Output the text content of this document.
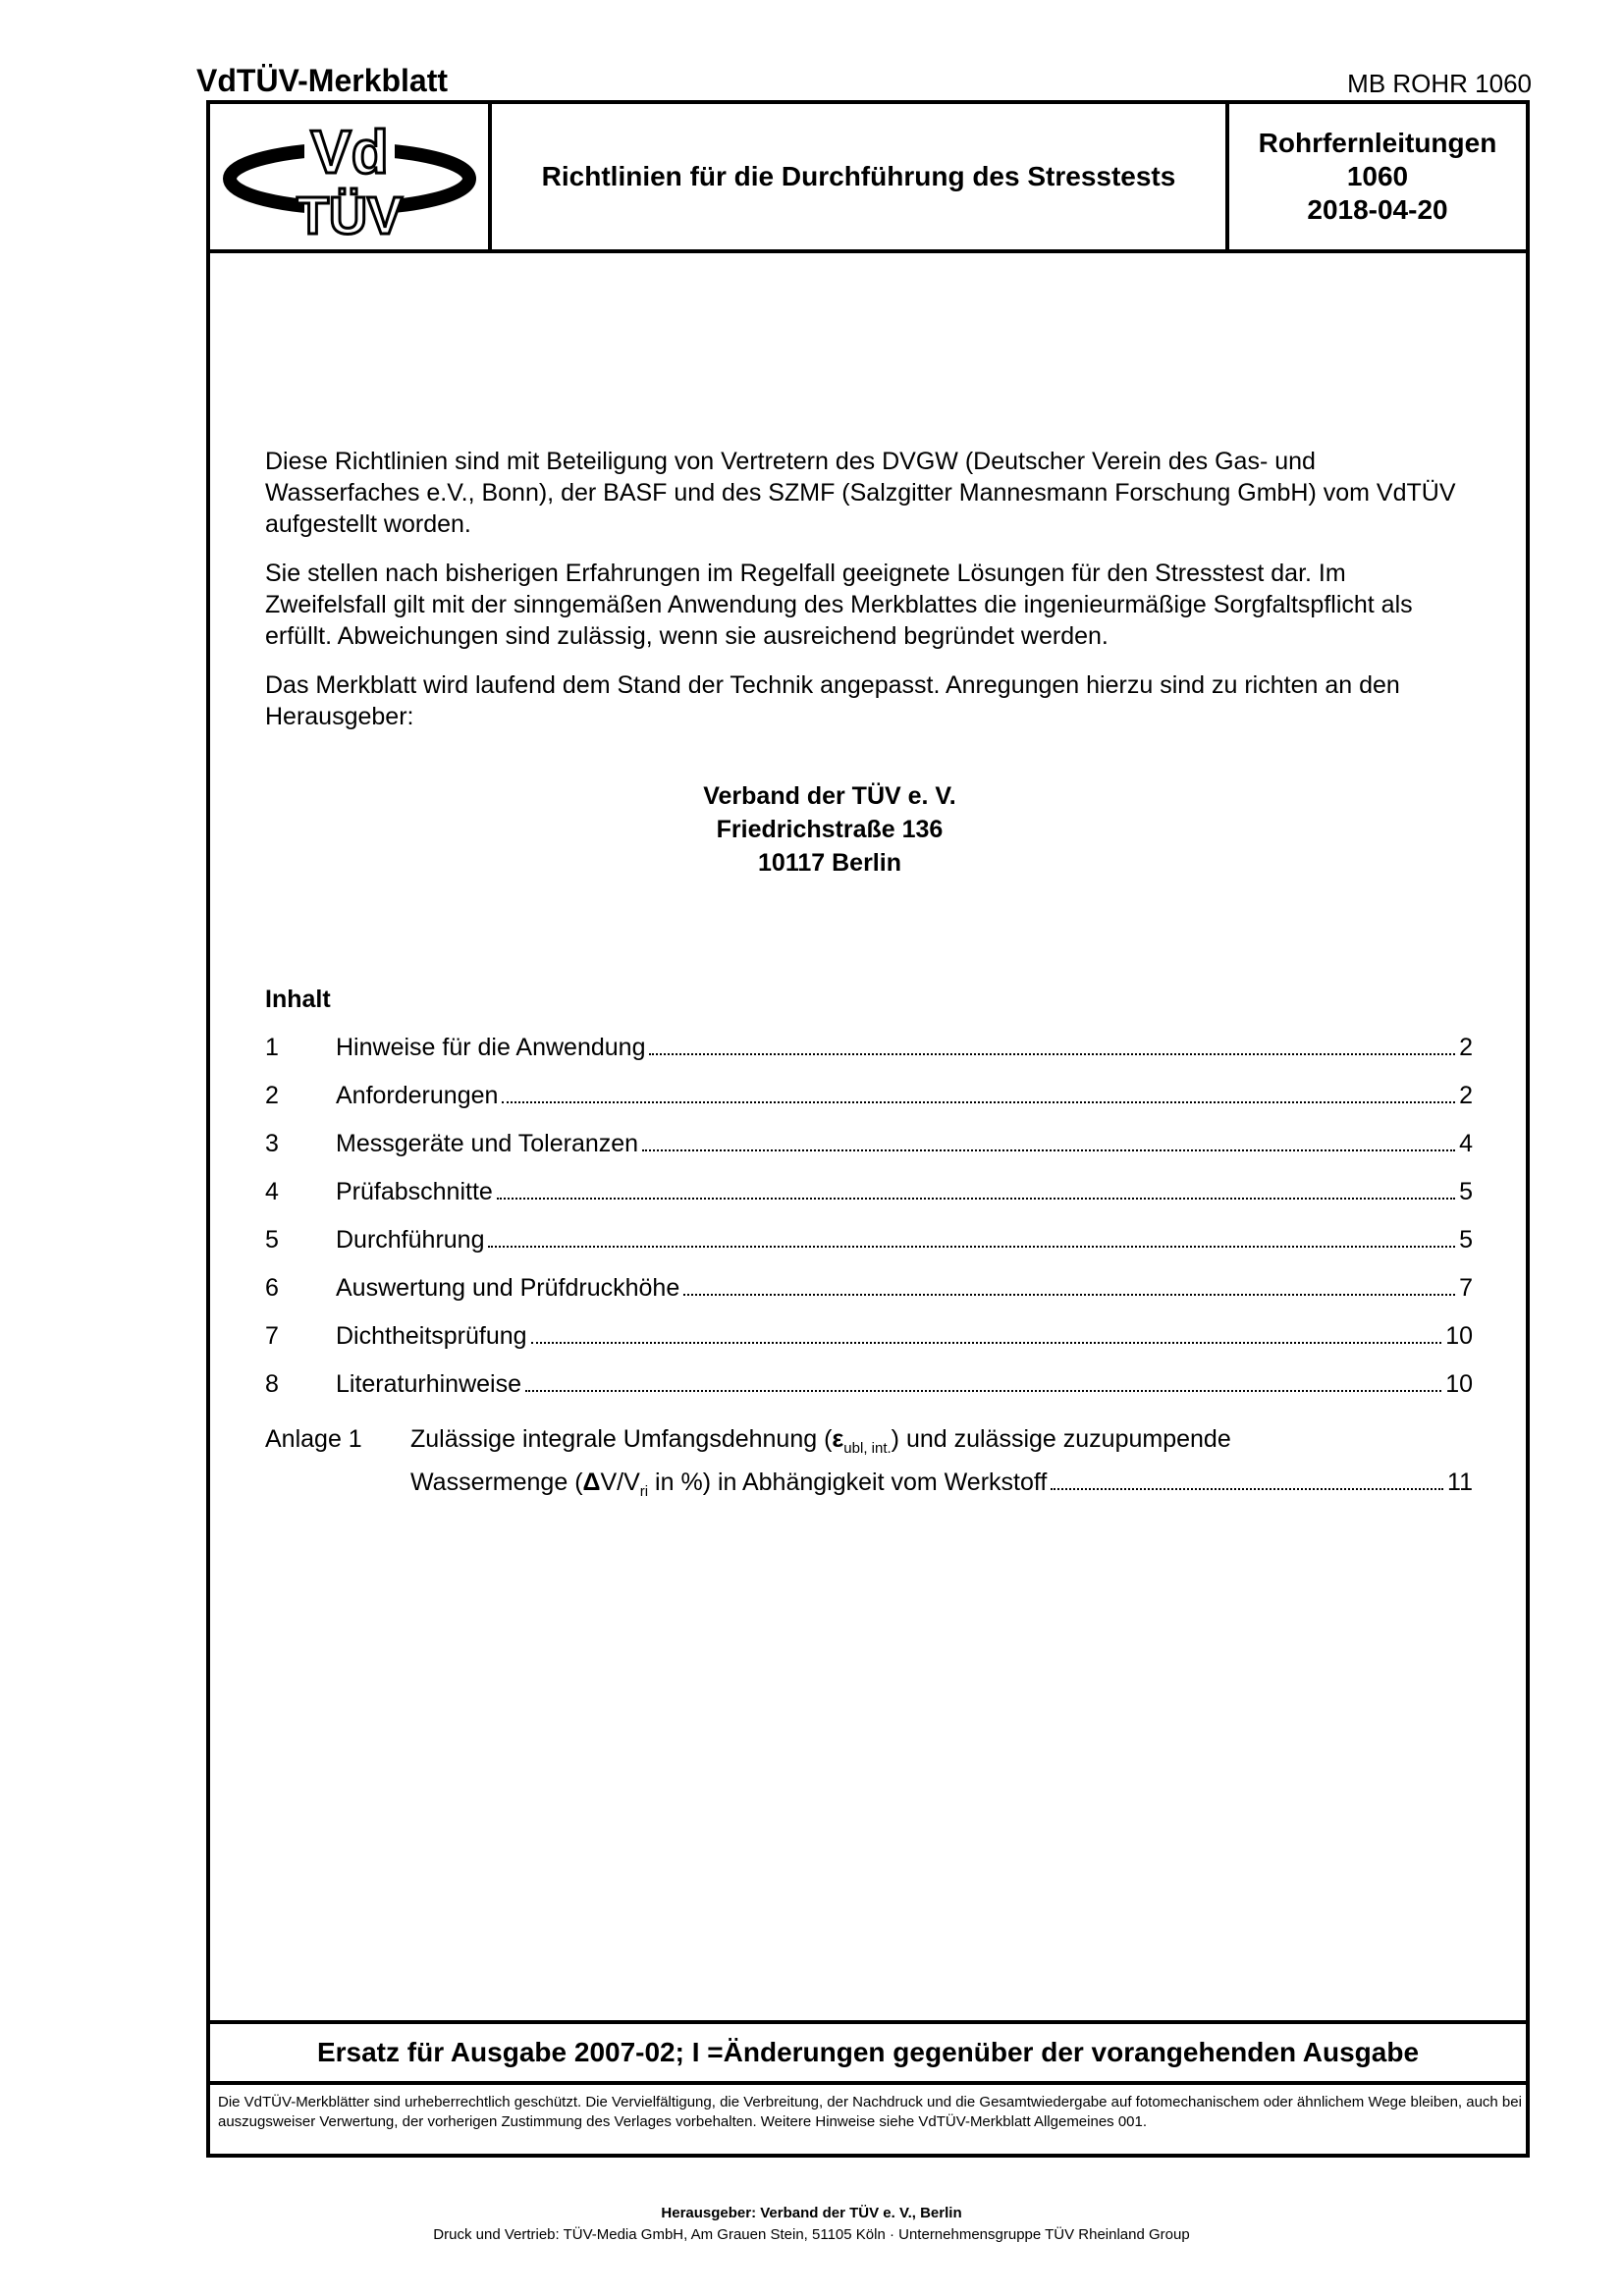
VdTÜV-Merkblatt	MB ROHR 1060
Vd
TÜV
Richtlinien für die Durchführung des Stresstests
Rohrfernleitungen
1060
2018-04-20

Diese Richtlinien sind mit Beteiligung von Vertretern des DVGW (Deutscher Verein des Gas- und Wasserfaches e.V., Bonn), der BASF und des SZMF (Salzgitter Mannesmann Forschung GmbH) vom VdTÜV aufgestellt worden.

Sie stellen nach bisherigen Erfahrungen im Regelfall geeignete Lösungen für den Stresstest dar. Im Zweifelsfall gilt mit der sinngemäßen Anwendung des Merkblattes die ingenieurmäßige Sorgfaltspflicht als erfüllt. Abweichungen sind zulässig, wenn sie ausreichend begründet werden.

Das Merkblatt wird laufend dem Stand der Technik angepasst. Anregungen hierzu sind zu richten an den Herausgeber:

Verband der TÜV e. V.
Friedrichstraße 136
10117 Berlin
Inhalt
1	Hinweise für die Anwendung	2
2	Anforderungen	2
3	Messgeräte und Toleranzen	4
4	Prüfabschnitte	5
5	Durchführung	5
6	Auswertung und Prüfdruckhöhe	7
7	Dichtheitsprüfung	10
8	Literaturhinweise	10
Anlage 1	Zulässige integrale Umfangsdehnung $(\varepsilon_{ubl, int.})$ und zulässige zuzupumpende
Wassermenge ($\Delta V/V_{ri}$ in %) in Abhängigkeit vom Werkstoff	11
Ersatz für Ausgabe 2007-02; I =Änderungen gegenüber der vorangehenden Ausgabe
Die VdTÜV-Merkblätter sind urheberrechtlich geschützt. Die Vervielfältigung, die Verbreitung, der Nachdruck und die Gesamtwiedergabe auf fotomechanischem oder ähnlichem Wege bleiben, auch bei auszugsweiser Verwertung, der vorherigen Zustimmung des Verlages vorbehalten. Weitere Hinweise siehe VdTÜV-Merkblatt Allgemeines 001.
Herausgeber: Verband der TÜV e. V., Berlin
Druck und Vertrieb: TÜV-Media GmbH, Am Grauen Stein, 51105 Köln · Unternehmensgruppe TÜV Rheinland Group
